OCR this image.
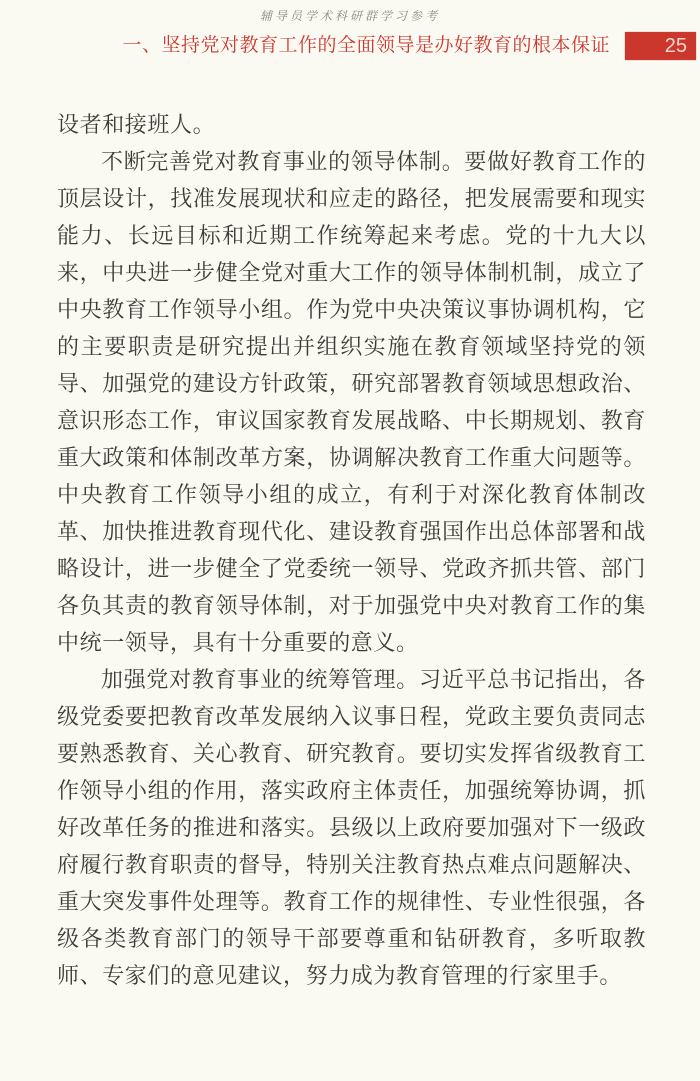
辅导员学术科研群学习参考
一、坚持党对教育工作的全面领导是办好教育的根本保证	25

设者和接班人。

不断完善党对教育事业的领导体制。要做好教育工作的顶层设计，找准发展现状和应走的路径，把发展需要和现实能力、长远目标和近期工作统筹起来考虑。党的十九大以来，中央进一步健全党对重大工作的领导体制机制，成立了中央教育工作领导小组。作为党中央决策议事协调机构，它的主要职责是研究提出并组织实施在教育领域坚持党的领导、加强党的建设方针政策，研究部署教育领域思想政治、意识形态工作，审议国家教育发展战略、中长期规划、教育重大政策和体制改革方案，协调解决教育工作重大问题等。中央教育工作领导小组的成立，有利于对深化教育体制改革、加快推进教育现代化、建设教育强国作出总体部署和战略设计，进一步健全了党委统一领导、党政齐抓共管、部门各负其责的教育领导体制，对于加强党中央对教育工作的集中统一领导，具有十分重要的意义。

加强党对教育事业的统筹管理。习近平总书记指出，各级党委要把教育改革发展纳入议事日程，党政主要负责同志要熟悉教育、关心教育、研究教育。要切实发挥省级教育工作领导小组的作用，落实政府主体责任，加强统筹协调，抓好改革任务的推进和落实。县级以上政府要加强对下一级政府履行教育职责的督导，特别关注教育热点难点问题解决、重大突发事件处理等。教育工作的规律性、专业性很强，各级各类教育部门的领导干部要尊重和钻研教育，多听取教师、专家们的意见建议，努力成为教育管理的行家里手。
